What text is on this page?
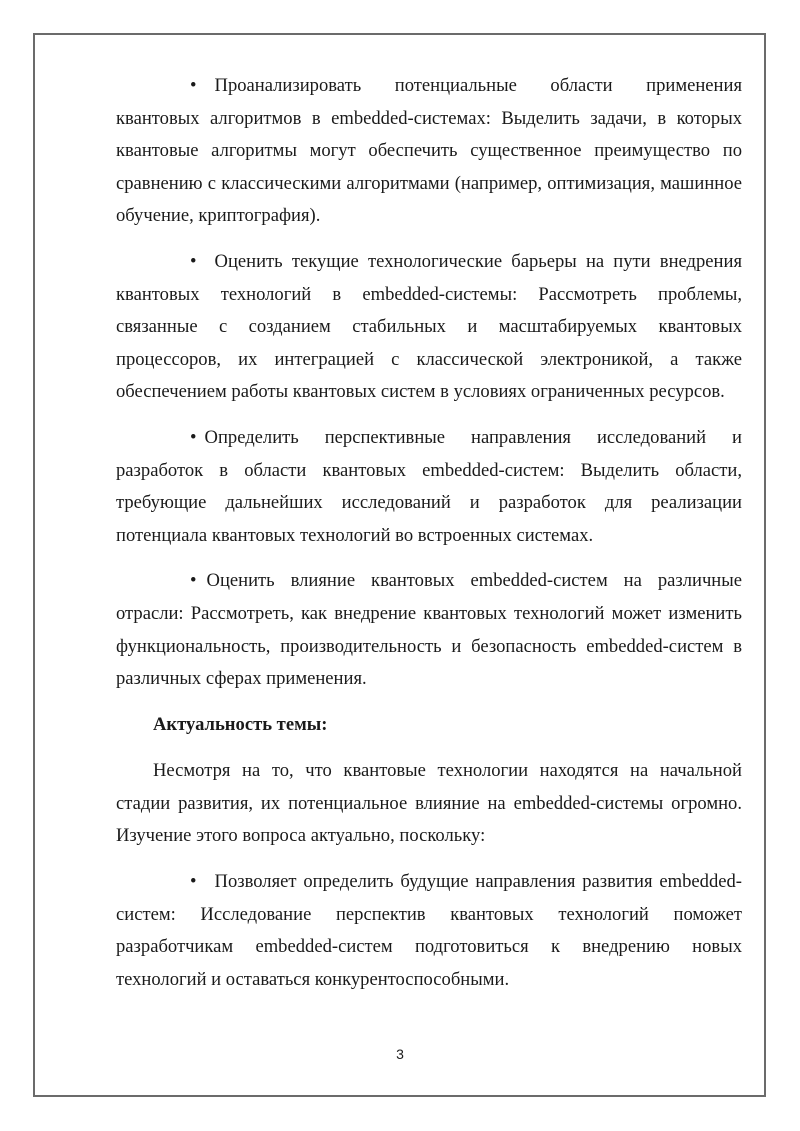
• Проанализировать потенциальные области применения квантовых алгоритмов в embedded-системах: Выделить задачи, в которых квантовые алгоритмы могут обеспечить существенное преимущество по сравнению с классическими алгоритмами (например, оптимизация, машинное обучение, криптография).

• Оценить текущие технологические барьеры на пути внедрения квантовых технологий в embedded-системы: Рассмотреть проблемы, связанные с созданием стабильных и масштабируемых квантовых процессоров, их интеграцией с классической электроникой, а также обеспечением работы квантовых систем в условиях ограниченных ресурсов.

• Определить перспективные направления исследований и разработок в области квантовых embedded-систем: Выделить области, требующие дальнейших исследований и разработок для реализации потенциала квантовых технологий во встроенных системах.

• Оценить влияние квантовых embedded-систем на различные отрасли: Рассмотреть, как внедрение квантовых технологий может изменить функциональность, производительность и безопасность embedded-систем в различных сферах применения.

Актуальность темы:

Несмотря на то, что квантовые технологии находятся на начальной стадии развития, их потенциальное влияние на embedded-системы огромно. Изучение этого вопроса актуально, поскольку:

• Позволяет определить будущие направления развития embedded-систем: Исследование перспектив квантовых технологий поможет разработчикам embedded-систем подготовиться к внедрению новых технологий и оставаться конкурентоспособными.

3
